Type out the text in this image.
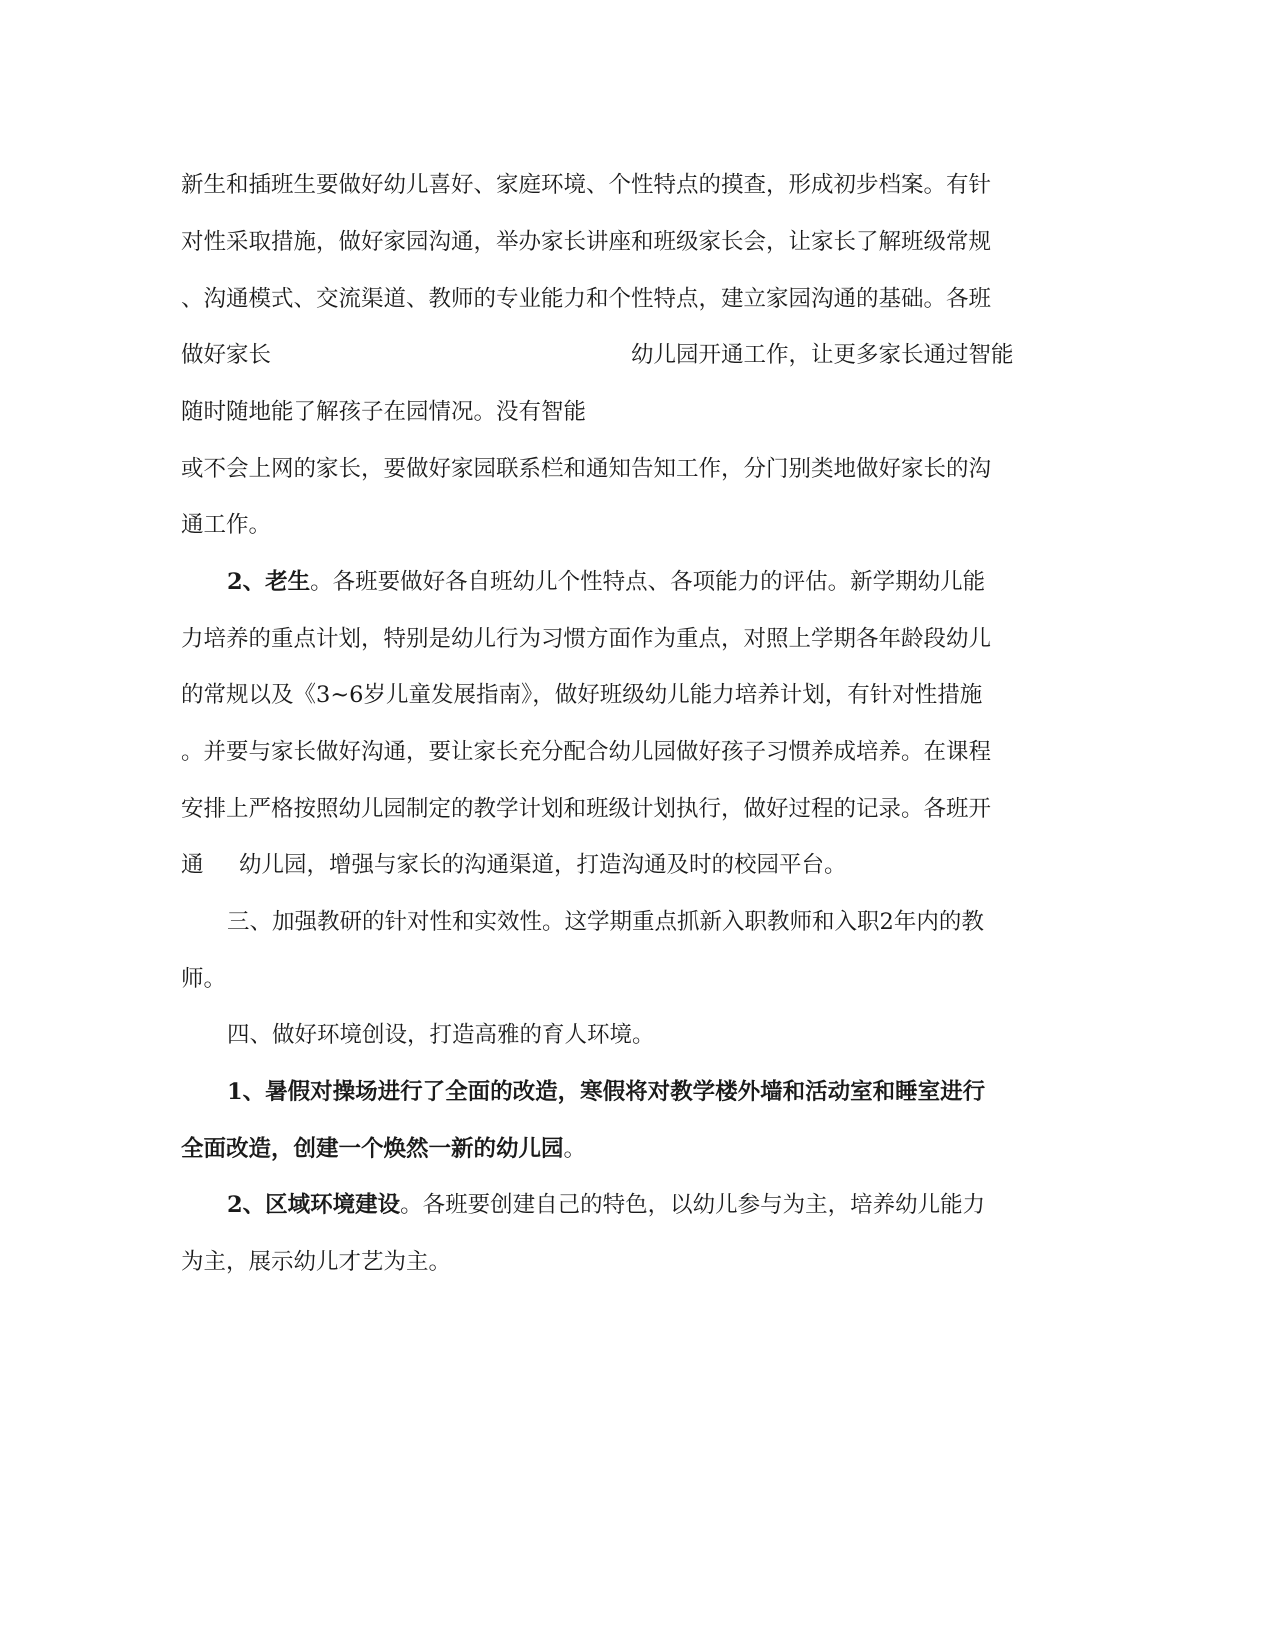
新生和插班生要做好幼儿喜好、家庭环境、个性特点的摸查，形成初步档案。有针
对性采取措施，做好家园沟通，举办家长讲座和班级家长会，让家长了解班级常规
、沟通模式、交流渠道、教师的专业能力和个性特点，建立家园沟通的基础。各班
做好家长	幼儿园开通工作，让更多家长通过智能
随时随地能了解孩子在园情况。没有智能
或不会上网的家长，要做好家园联系栏和通知告知工作，分门别类地做好家长的沟
通工作。
2、老生。各班要做好各自班幼儿个性特点、各项能力的评估。新学期幼儿能
力培养的重点计划，特别是幼儿行为习惯方面作为重点，对照上学期各年龄段幼儿
的常规以及《3~6岁儿童发展指南》，做好班级幼儿能力培养计划，有针对性措施
。并要与家长做好沟通，要让家长充分配合幼儿园做好孩子习惯养成培养。在课程
安排上严格按照幼儿园制定的教学计划和班级计划执行，做好过程的记录。各班开
通 幼儿园，增强与家长的沟通渠道，打造沟通及时的校园平台。
三、加强教研的针对性和实效性。这学期重点抓新入职教师和入职2年内的教
师。
四、做好环境创设，打造高雅的育人环境。
1、暑假对操场进行了全面的改造，寒假将对教学楼外墙和活动室和睡室进行
全面改造，创建一个焕然一新的幼儿园。
2、区域环境建设。各班要创建自己的特色，以幼儿参与为主，培养幼儿能力
为主，展示幼儿才艺为主。
